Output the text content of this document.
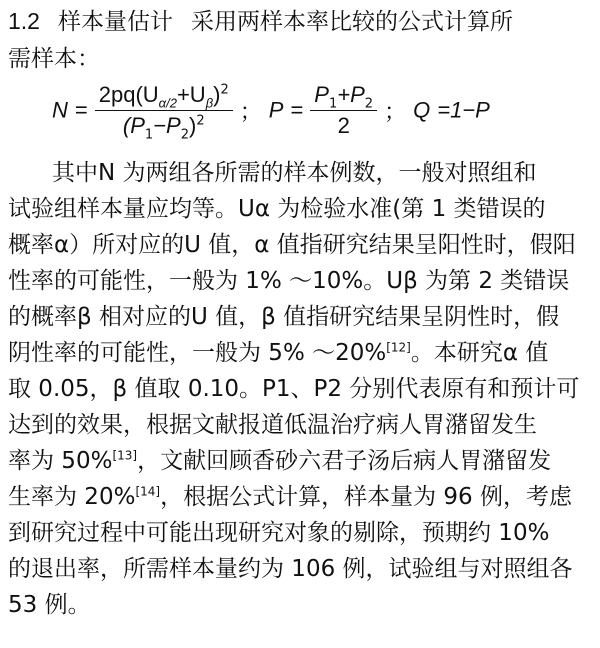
1.2 样本量估计 采用两样本率比较的公式计算所
需样本：
$N = \frac{2pq(U_{\alpha/2}+U_\beta)^2}{(P_1-P_2)^2}$ ； $P = \frac{P_1+P_2}{2}$ ； Q =1−P
其中N 为两组各所需的样本例数，一般对照组和
试验组样本量应均等。Uα 为检验水准(第 1 类错误的
概率α）所对应的U 值，α 值指研究结果呈阳性时，假阳
性率的可能性，一般为 1% ～10%。Uβ 为第 2 类错误
的概率β 相对应的U 值，β 值指研究结果呈阴性时，假
阴性率的可能性，一般为 5% ～20%[12]。本研究α 值
取 0.05，β 值取 0.10。P1、P2 分别代表原有和预计可
达到的效果，根据文献报道低温治疗病人胃潴留发生
率为 50%[13]，文献回顾香砂六君子汤后病人胃潴留发
生率为 20%[14]，根据公式计算，样本量为 96 例，考虑
到研究过程中可能出现研究对象的剔除，预期约 10%
的退出率，所需样本量约为 106 例，试验组与对照组各
53 例。
